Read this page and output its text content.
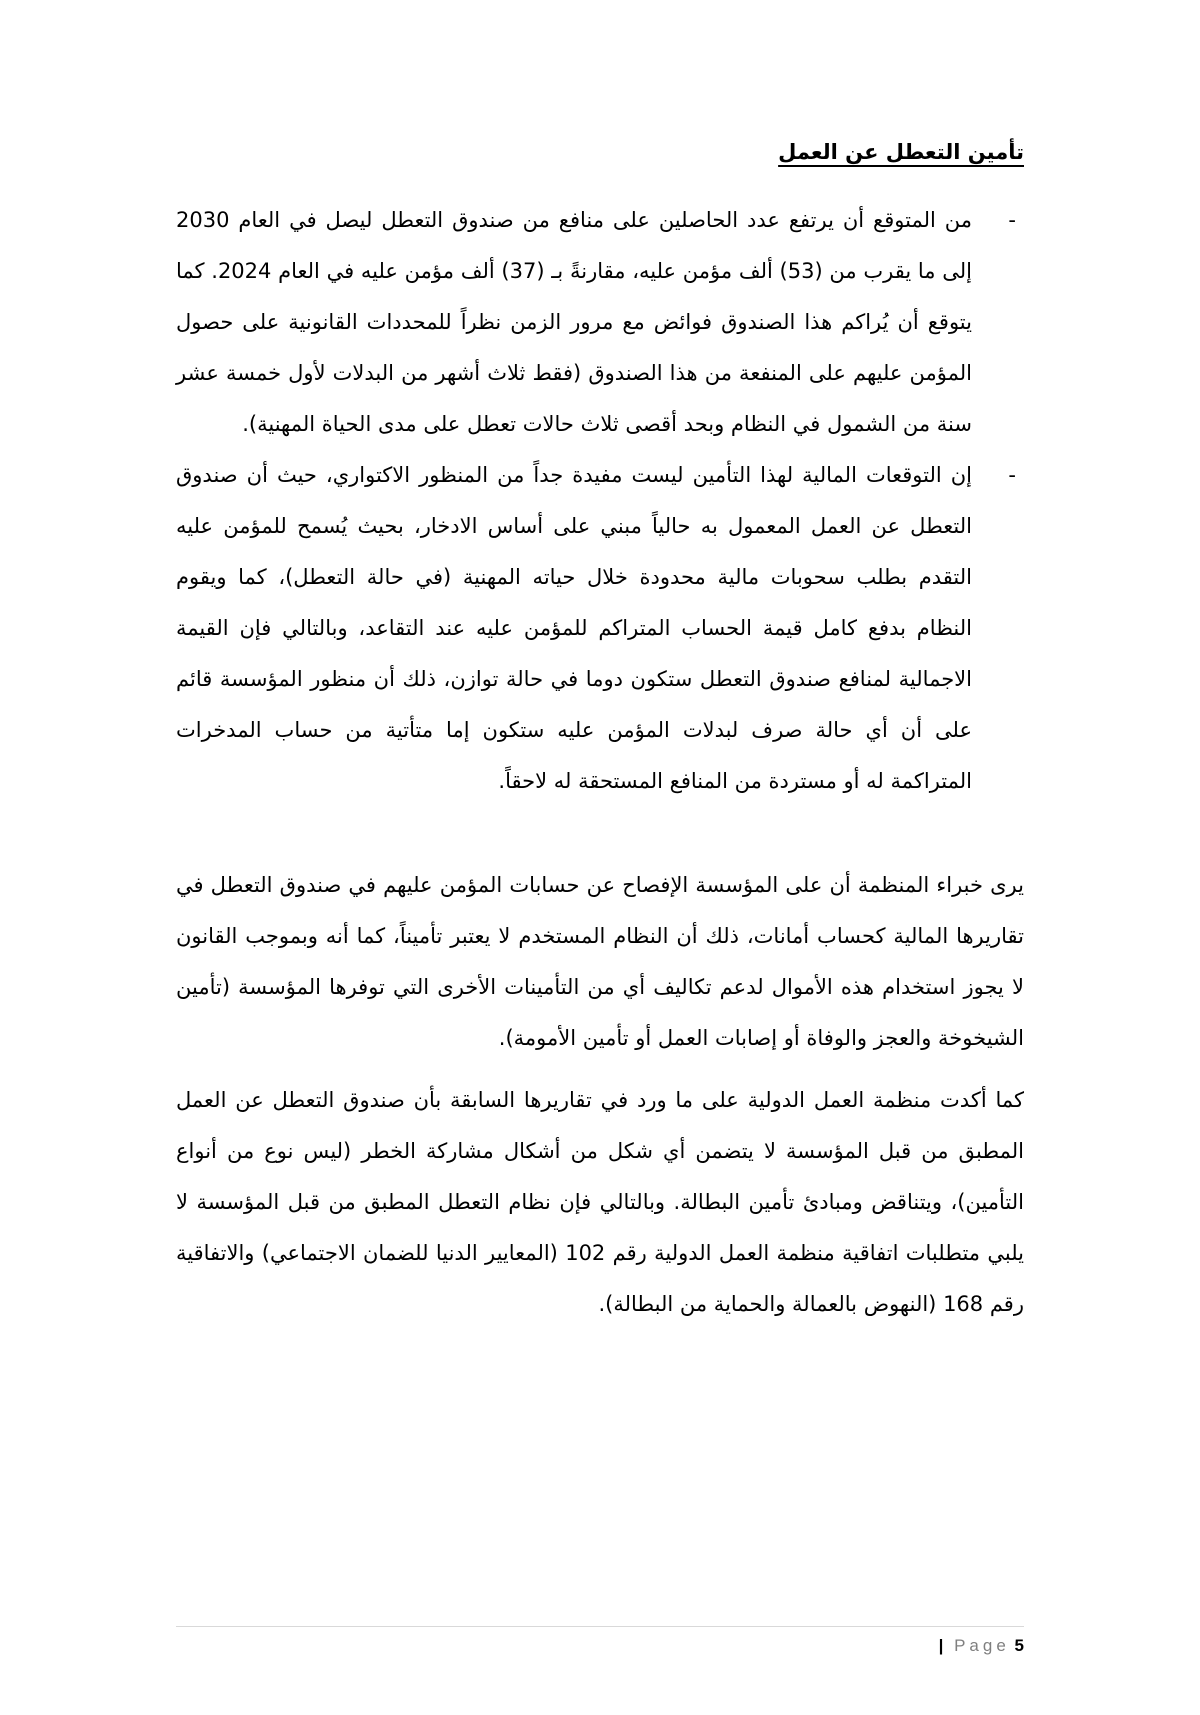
تأمين التعطل عن العمل
-
من المتوقع أن يرتفع عدد الحاصلين على منافع من صندوق التعطل ليصل في العام 2030 إلى ما يقرب من (53) ألف مؤمن عليه، مقارنةً بـ (37) ألف مؤمن عليه في العام 2024. كما يتوقع أن يُراكم هذا الصندوق فوائض مع مرور الزمن نظراً للمحددات القانونية على حصول المؤمن عليهم على المنفعة من هذا الصندوق (فقط ثلاث أشهر من البدلات لأول خمسة عشر سنة من الشمول في النظام وبحد أقصى ثلاث حالات تعطل على مدى الحياة المهنية).
-
إن التوقعات المالية لهذا التأمين ليست مفيدة جداً من المنظور الاكتواري، حيث أن صندوق التعطل عن العمل المعمول به حالياً مبني على أساس الادخار، بحيث يُسمح للمؤمن عليه التقدم بطلب سحوبات مالية محدودة خلال حياته المهنية (في حالة التعطل)، كما ويقوم النظام بدفع كامل قيمة الحساب المتراكم للمؤمن عليه عند التقاعد، وبالتالي فإن القيمة الاجمالية لمنافع صندوق التعطل ستكون دوما في حالة توازن، ذلك أن منظور المؤسسة قائم على أن أي حالة صرف لبدلات المؤمن عليه ستكون إما متأتية من حساب المدخرات المتراكمة له أو مستردة من المنافع المستحقة له لاحقاً.

يرى خبراء المنظمة أن على المؤسسة الإفصاح عن حسابات المؤمن عليهم في صندوق التعطل في تقاريرها المالية كحساب أمانات، ذلك أن النظام المستخدم لا يعتبر تأميناً، كما أنه وبموجب القانون لا يجوز استخدام هذه الأموال لدعم تكاليف أي من التأمينات الأخرى التي توفرها المؤسسة (تأمين الشيخوخة والعجز والوفاة أو إصابات العمل أو تأمين الأمومة).

كما أكدت منظمة العمل الدولية على ما ورد في تقاريرها السابقة بأن صندوق التعطل عن العمل المطبق من قبل المؤسسة لا يتضمن أي شكل من أشكال مشاركة الخطر (ليس نوع من أنواع التأمين)، ويتناقض ومبادئ تأمين البطالة. وبالتالي فإن نظام التعطل المطبق من قبل المؤسسة لا يلبي متطلبات اتفاقية منظمة العمل الدولية رقم 102 (المعايير الدنيا للضمان الاجتماعي) والاتفاقية رقم 168 (النهوض بالعمالة والحماية من البطالة).

| Page 5
